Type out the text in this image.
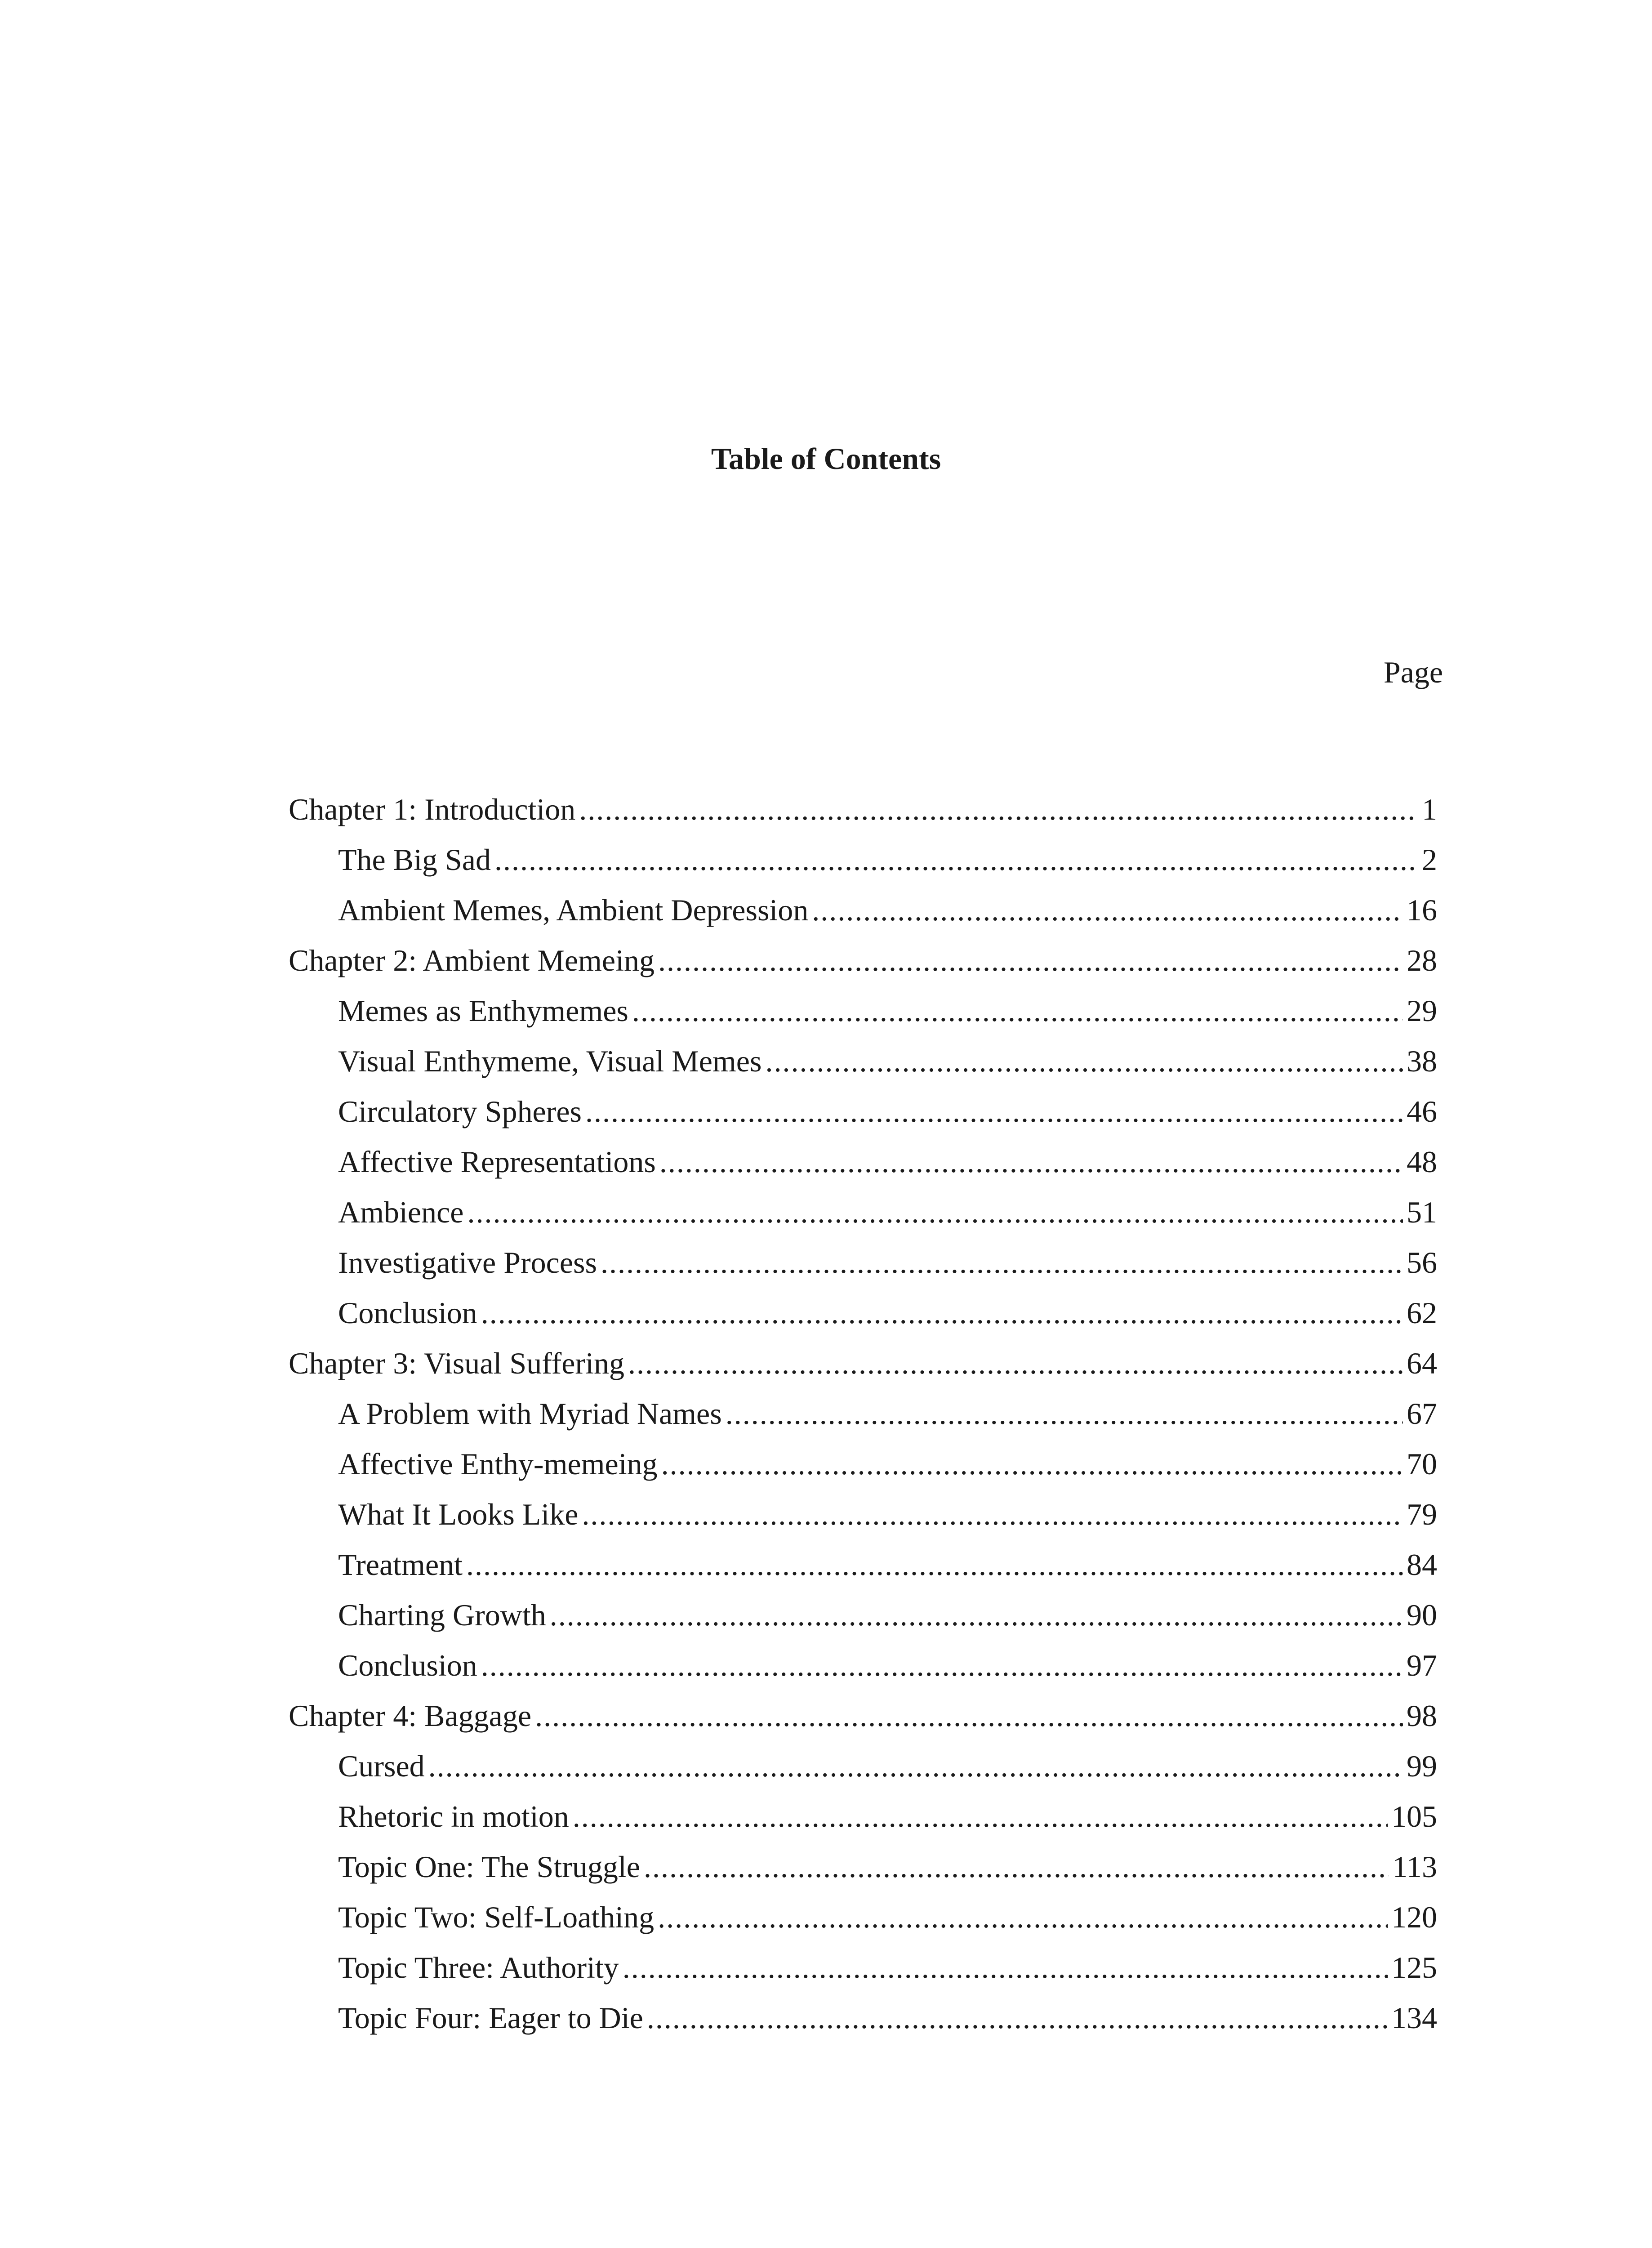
Table of Contents
Page
Chapter 1: Introduction .....	1
The Big Sad .....	2
Ambient Memes, Ambient Depression .....	16
Chapter 2: Ambient Memeing .....	28
Memes as Enthymemes .....	29
Visual Enthymeme, Visual Memes .....	38
Circulatory Spheres .....	46
Affective Representations .....	48
Ambience .....	51
Investigative Process .....	56
Conclusion .....	62
Chapter 3: Visual Suffering .....	64
A Problem with Myriad Names .....	67
Affective Enthy-memeing .....	70
What It Looks Like .....	79
Treatment .....	84
Charting Growth .....	90
Conclusion .....	97
Chapter 4: Baggage .....	98
Cursed .....	99
Rhetoric in motion .....	105
Topic One: The Struggle .....	113
Topic Two: Self-Loathing .....	120
Topic Three: Authority .....	125
Topic Four: Eager to Die .....	134
